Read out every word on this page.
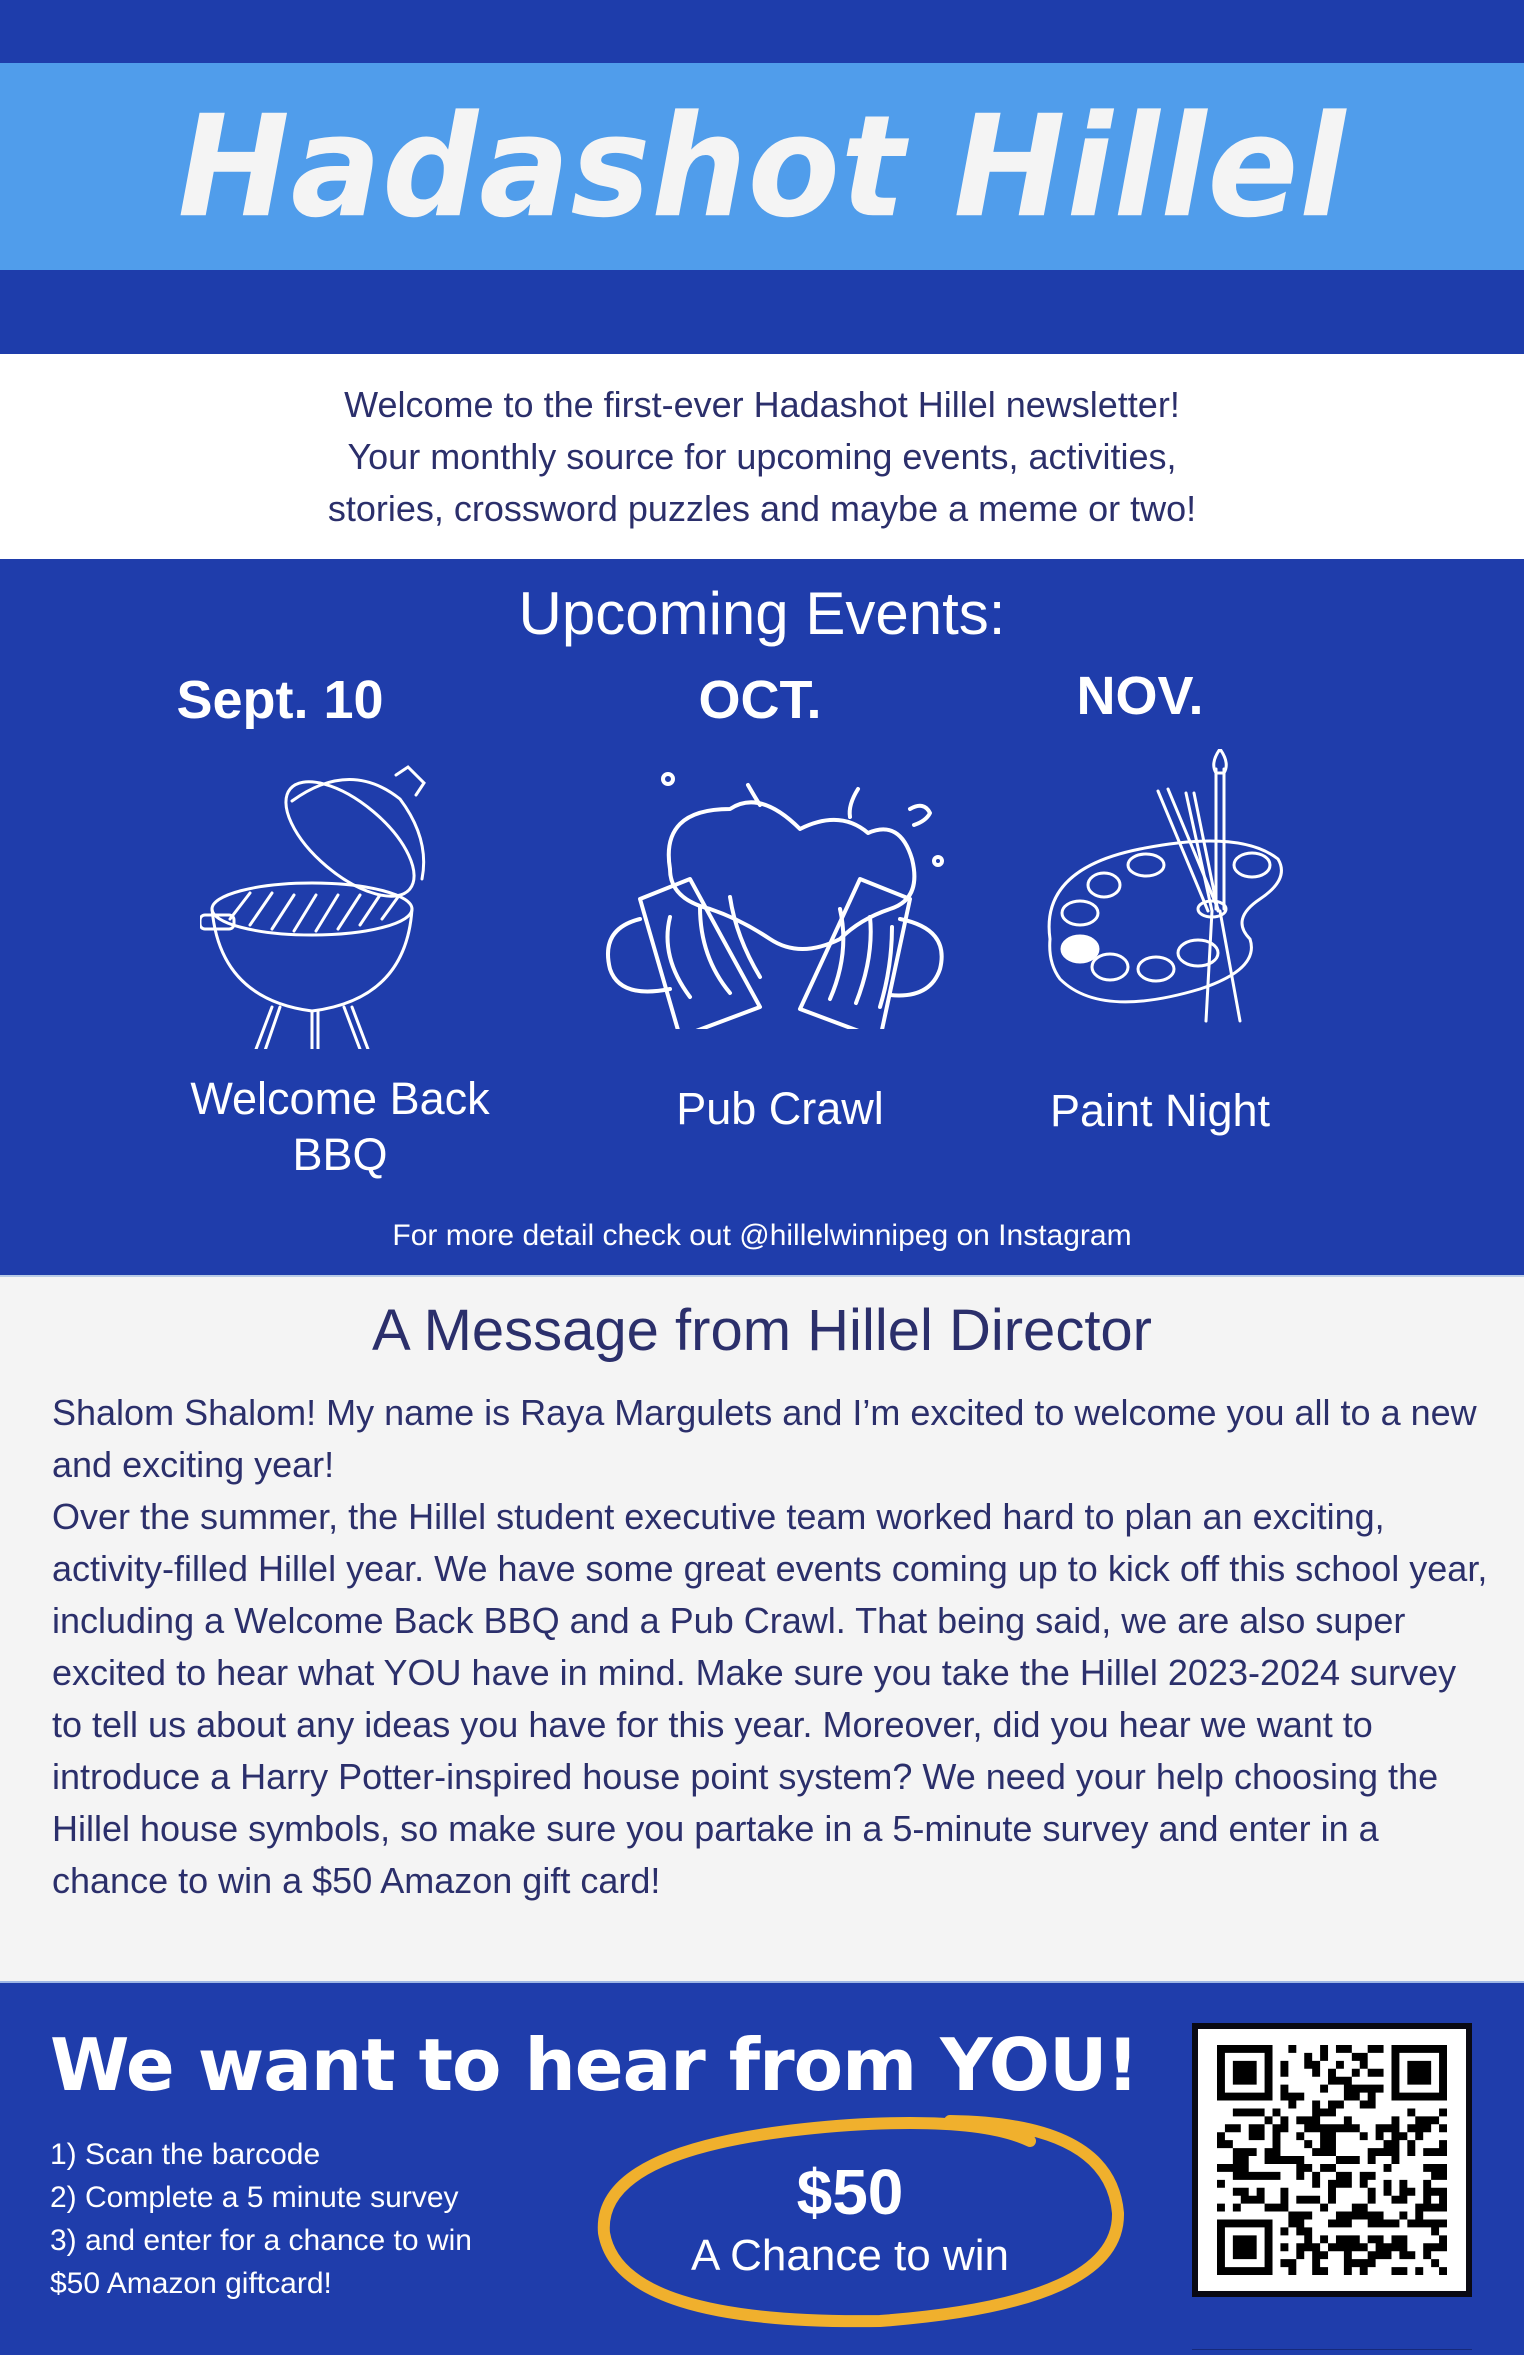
Hadashot Hillel

Welcome to the first-ever Hadashot Hillel newsletter!

Your monthly source for upcoming events, activities,

stories, crossword puzzles and maybe a meme or two!

Upcoming Events:
Sept. 10
Welcome Back
BBQ
OCT.
Pub Crawl
NOV.
Paint Night
For more detail check out @hillelwinnipeg on Instagram
A Message from Hillel Director

Shalom Shalom! My name is Raya Margulets and I’m excited to welcome you all to a new and exciting year!

Over the summer, the Hillel student executive team worked hard to plan an exciting, activity-filled Hillel year. We have some great events coming up to kick off this school year, including a Welcome Back BBQ and a Pub Crawl. That being said, we are also super excited to hear what YOU have in mind. Make sure you take the Hillel 2023-2024 survey to tell us about any ideas you have for this year. Moreover, did you hear we want to introduce a Harry Potter-inspired house point system? We need your help choosing the Hillel house symbols, so make sure you partake in a 5-minute survey and enter in a chance to win a $50 Amazon gift card!

We want to hear from YOU!
1) Scan the barcode
2) Complete a 5 minute survey
3) and enter for a chance to win
$50 Amazon giftcard!
$50
A Chance to win
